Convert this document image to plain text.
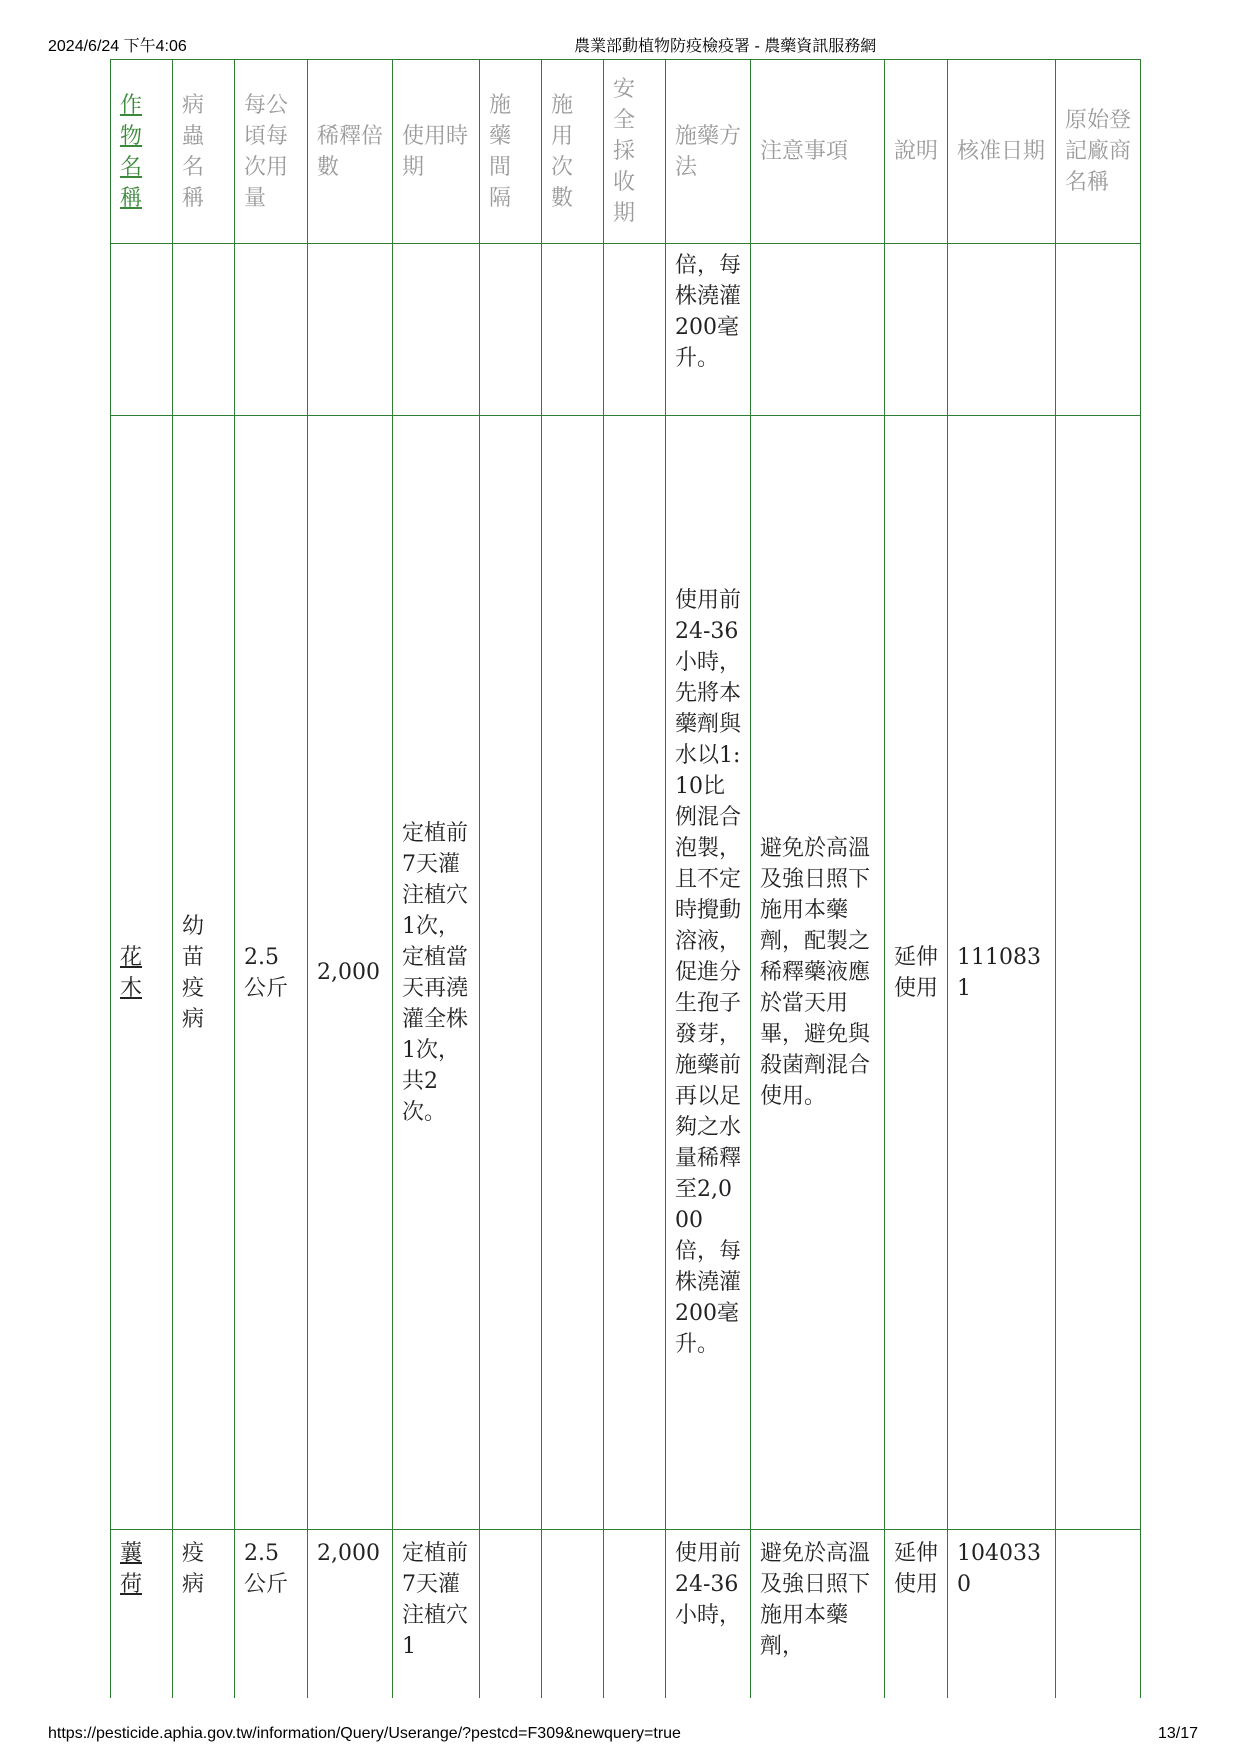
2024/6/24 下午4:06	農業部動植物防疫檢疫署 - 農藥資訊服務網
作物名稱	病蟲名稱	每公頃每次用量	稀釋倍數	使用時期	施藥間隔	施用次數	安全採收期	施藥方法	注意事項	說明	核准日期	原始登記廠商名稱
								倍，每株澆灌200毫升。				
花木	幼苗疫病	2.5公斤	2,000	定植前7天灌注植穴1次，定植當天再澆灌全株1次，共2次。				使用前24-36小時，先將本藥劑與水以1:10比例混合泡製，且不定時攪動溶液，促進分生孢子發芽，施藥前再以足夠之水量稀釋至2,000倍，每株澆灌200毫升。	避免於高溫及強日照下施用本藥劑，配製之稀釋藥液應於當天用畢，避免與殺菌劑混合使用。	延伸使用	1110831	
蘘荷	疫病	2.5公斤	2,000	定植前7天灌注植穴1				使用前24-36小時，	避免於高溫及強日照下施用本藥劑，	延伸使用	1040330	
https://pesticide.aphia.gov.tw/information/Query/Userange/?pestcd=F309&newquery=true	13/17
